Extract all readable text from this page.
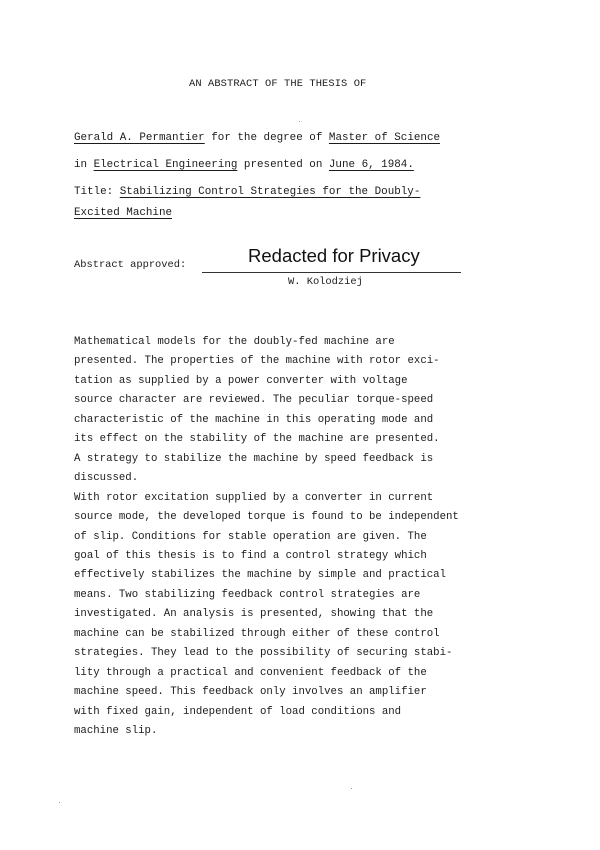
AN ABSTRACT OF THE THESIS OF
Gerald A. Permantier for the degree of Master of Science
in Electrical Engineering presented on June 6, 1984.
Title: Stabilizing Control Strategies for the Doubly-
Excited Machine
Abstract approved:	Redacted for Privacy
W. Kolodziej
Mathematical models for the doubly-fed machine are
presented. The properties of the machine with rotor exci-
tation as supplied by a power converter with voltage
source character are reviewed. The peculiar torque-speed
characteristic of the machine in this operating mode and
its effect on the stability of the machine are presented.
A strategy to stabilize the machine by speed feedback is
discussed.
With rotor excitation supplied by a converter in current
source mode, the developed torque is found to be independent
of slip. Conditions for stable operation are given. The
goal of this thesis is to find a control strategy which
effectively stabilizes the machine by simple and practical
means. Two stabilizing feedback control strategies are
investigated. An analysis is presented, showing that the
machine can be stabilized through either of these control
strategies. They lead to the possibility of securing stabi-
lity through a practical and convenient feedback of the
machine speed. This feedback only involves an amplifier
with fixed gain, independent of load conditions and
machine slip.
